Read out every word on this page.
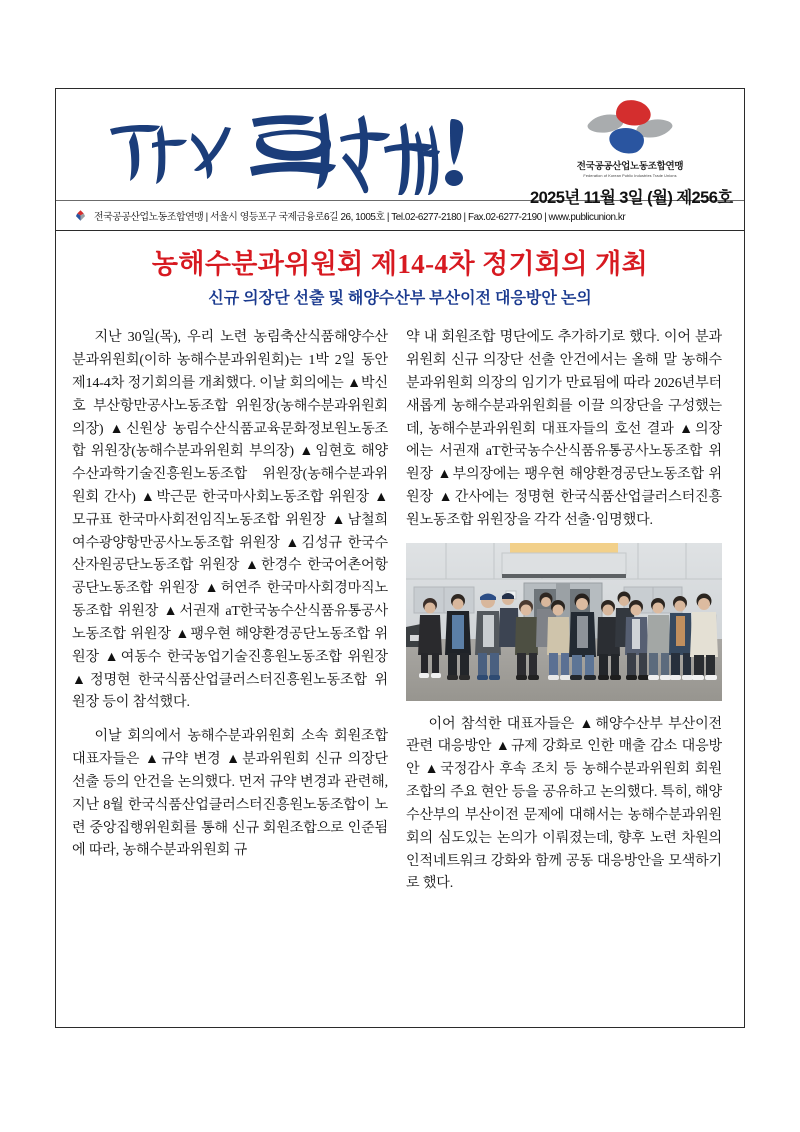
전국공공산업노동조합연맹
Federation of Korean Public Industries Trade Unions
2025년 11월 3일 (월) 제256호
전국공공산업노동조합연맹 | 서울시 영등포구 국제금융로6길 26, 1005호 | Tel.02-6277-2180 | Fax.02-6277-2190 | www.publicunion.kr
농해수분과위원회 제14-4차 정기회의 개최
신규 의장단 선출 및 해양수산부 부산이전 대응방안 논의

지난 30일(목), 우리 노련 농림축산식품해양수산분과위원회(이하 농해수분과위원회)는 1박 2일 동안 제14-4차 정기회의를 개최했다. 이날 회의에는 ▲박신호 부산항만공사노동조합 위원장(농해수분과위원회 의장) ▲신원상 농림수산식품교육문화정보원노동조합 위원장(농해수분과위원회 부의장) ▲임현호 해양수산과학기술진흥원노동조합 위원장(농해수분과위원회 간사) ▲박근문 한국마사회노동조합 위원장 ▲모규표 한국마사회전임직노동조합 위원장 ▲남철희 여수광양항만공사노동조합 위원장 ▲김성규 한국수산자원공단노동조합 위원장 ▲한경수 한국어촌어항공단노동조합 위원장 ▲허연주 한국마사회경마직노동조합 위원장 ▲서권재 aT한국농수산식품유통공사노동조합 위원장 ▲팽우현 해양환경공단노동조합 위원장 ▲여동수 한국농업기술진흥원노동조합 위원장 ▲정명현 한국식품산업클러스터진흥원노동조합 위원장 등이 참석했다.

이날 회의에서 농해수분과위원회 소속 회원조합 대표자들은 ▲규약 변경 ▲분과위원회 신규 의장단 선출 등의 안건을 논의했다. 먼저 규약 변경과 관련해, 지난 8월 한국식품산업클러스터진흥원노동조합이 노련 중앙집행위원회를 통해 신규 회원조합으로 인준됨에 따라, 농해수분과위원회 규

약 내 회원조합 명단에도 추가하기로 했다. 이어 분과위원회 신규 의장단 선출 안건에서는 올해 말 농해수분과위원회 의장의 임기가 만료됨에 따라 2026년부터 새롭게 농해수분과위원회를 이끌 의장단을 구성했는데, 농해수분과위원회 대표자들의 호선 결과 ▲의장에는 서권재 aT한국농수산식품유통공사노동조합 위원장 ▲부의장에는 팽우현 해양환경공단노동조합 위원장 ▲간사에는 정명현 한국식품산업클러스터진흥원노동조합 위원장을 각각 선출·임명했다.

이어 참석한 대표자들은 ▲해양수산부 부산이전 관련 대응방안 ▲규제 강화로 인한 매출 감소 대응방안 ▲국정감사 후속 조치 등 농해수분과위원회 회원조합의 주요 현안 등을 공유하고 논의했다. 특히, 해양수산부의 부산이전 문제에 대해서는 농해수분과위원회의 심도있는 논의가 이뤄졌는데, 향후 노련 차원의 인적네트워크 강화와 함께 공동 대응방안을 모색하기로 했다.
